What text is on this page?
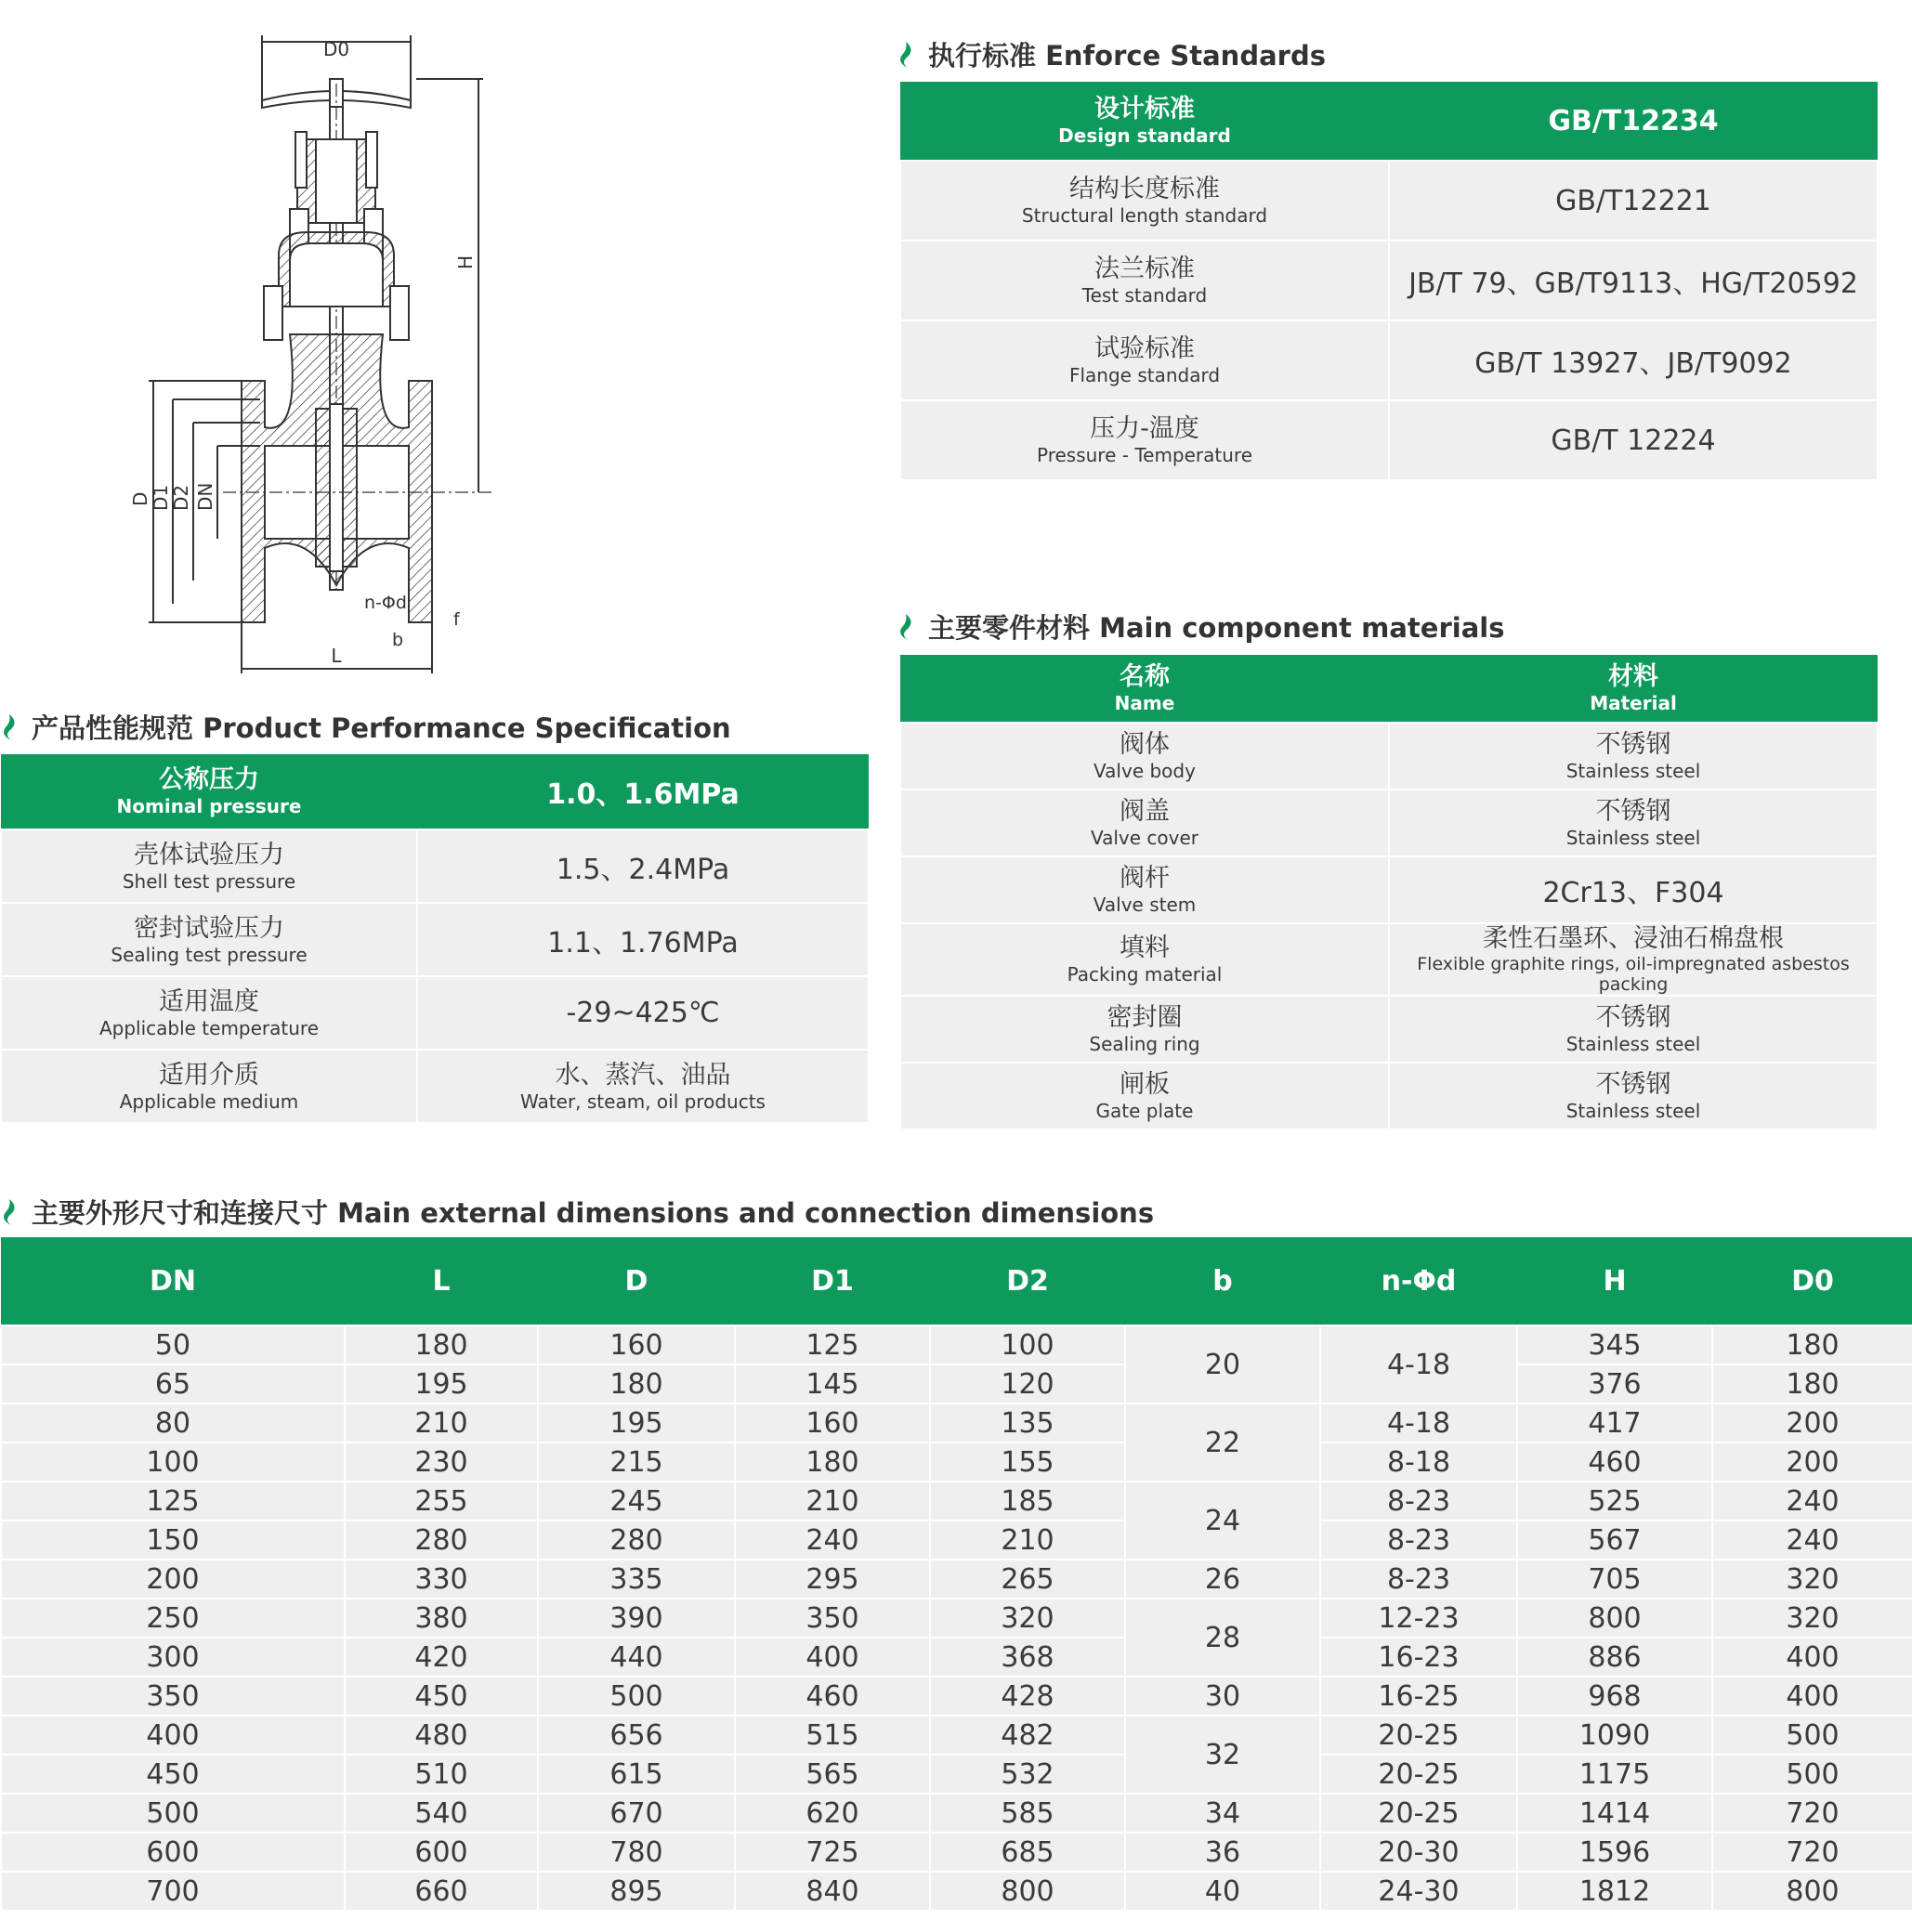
D0
H
D
D1
D2 DN
n-Φd
b
f
L
执行标准 Enforce Standards
主要零件材料 Main component materials
产品性能规范 Product Performance Specification
主要外形尺寸和连接尺寸 Main external dimensions and connection dimensions
设计标准
Design standard	GB/T12234

结构长度标准
Structural length standard	GB/T12221

法兰标准
Test standard	JB/T 79、GB/T9113、HG/T20592

试验标准
Flange standard	GB/T 13927、JB/T9092

压力-温度
Pressure - Temperature	GB/T 12224
名称
Name	材料
Material

阀体
Valve body	不锈钢
Stainless steel

阀盖
Valve cover	不锈钢
Stainless steel

阀杆
Valve stem	2Cr13、F304

填料
Packing material	柔性石墨环、浸油石棉盘根
Flexible graphite rings, oil-impregnated asbestos packing

密封圈
Sealing ring	不锈钢
Stainless steel

闸板
Gate plate	不锈钢
Stainless steel
公称压力
Nominal pressure	1.0、1.6MPa

壳体试验压力
Shell test pressure	1.5、2.4MPa

密封试验压力
Sealing test pressure	1.1、1.76MPa

适用温度
Applicable temperature	-29~425℃

适用介质
Applicable medium	水、蒸汽、油品
Water, steam, oil products
DN	L	D	D1	D2	b	n-Φd	H	D0
50	180	160	125	100	20	4-18	345	180
65	195	180	145	120			376	180
80	210	195	160	135	22	4-18	417	200
100	230	215	180	155		8-18	460	200
125	255	245	210	185	24	8-23	525	240
150	280	280	240	210		8-23	567	240
200	330	335	295	265	26	8-23	705	320
250	380	390	350	320	28	12-23	800	320
300	420	440	400	368		16-23	886	400
350	450	500	460	428	30	16-25	968	400
400	480	656	515	482	32	20-25	1090	500
450	510	615	565	532		20-25	1175	500
500	540	670	620	585	34	20-25	1414	720
600	600	780	725	685	36	20-30	1596	720
700	660	895	840	800	40	24-30	1812	800
